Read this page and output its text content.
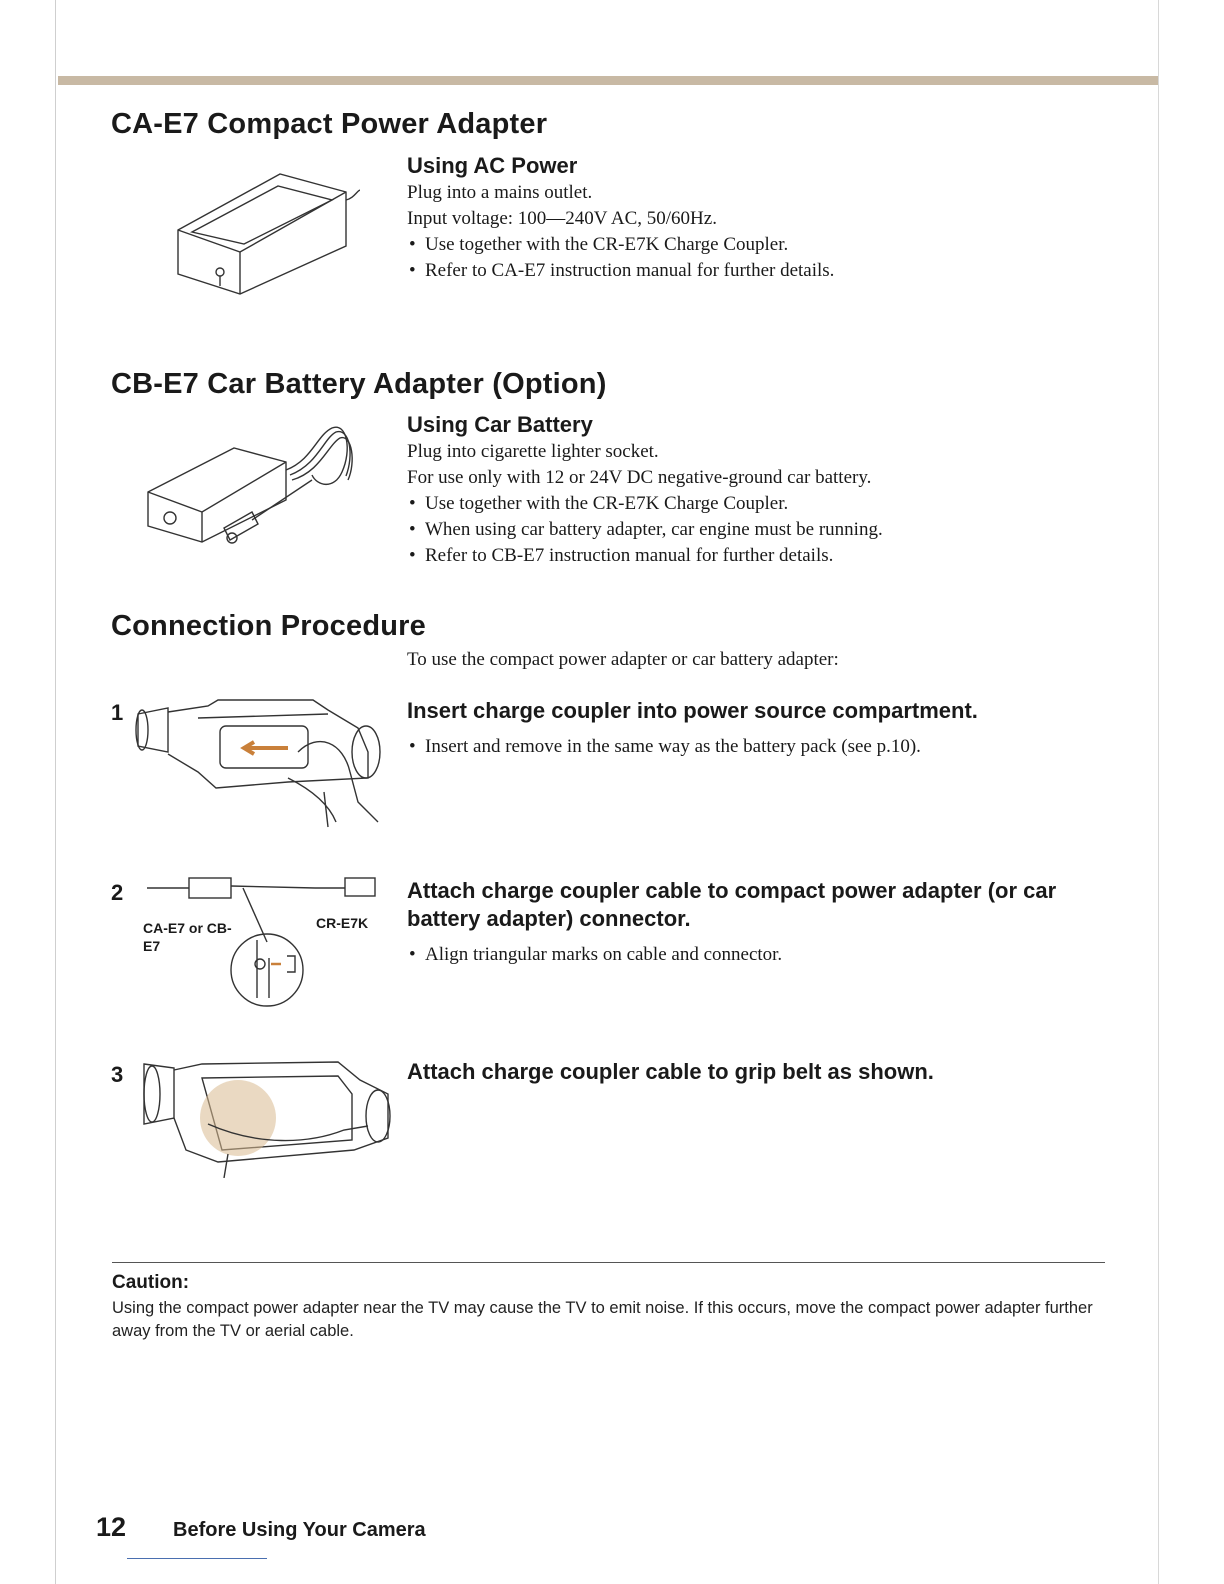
CA-E7 Compact Power Adapter
Using AC Power
Plug into a mains outlet.
Input voltage: 100—240V AC, 50/60Hz.
• Use together with the CR-E7K Charge Coupler.
• Refer to CA-E7 instruction manual for further details.
CB-E7 Car Battery Adapter (Option)
Using Car Battery
Plug into cigarette lighter socket.
For use only with 12 or 24V DC negative-ground car battery.
• Use together with the CR-E7K Charge Coupler.
• When using car battery adapter, car engine must be running.
• Refer to CB-E7 instruction manual for further details.
Connection Procedure
To use the compact power adapter or car battery adapter:
1	Insert charge coupler into power source compartment.
• Insert and remove in the same way as the battery pack (see p.10).
2
CA-E7 or CB-E7
CR-E7K
Attach charge coupler cable to compact power adapter (or car battery adapter) connector.
• Align triangular marks on cable and connector.
3	Attach charge coupler cable to grip belt as shown.
Caution:
Using the compact power adapter near the TV may cause the TV to emit noise. If this occurs, move the compact power adapter further away from the TV or aerial cable.
12 Before Using Your Camera
